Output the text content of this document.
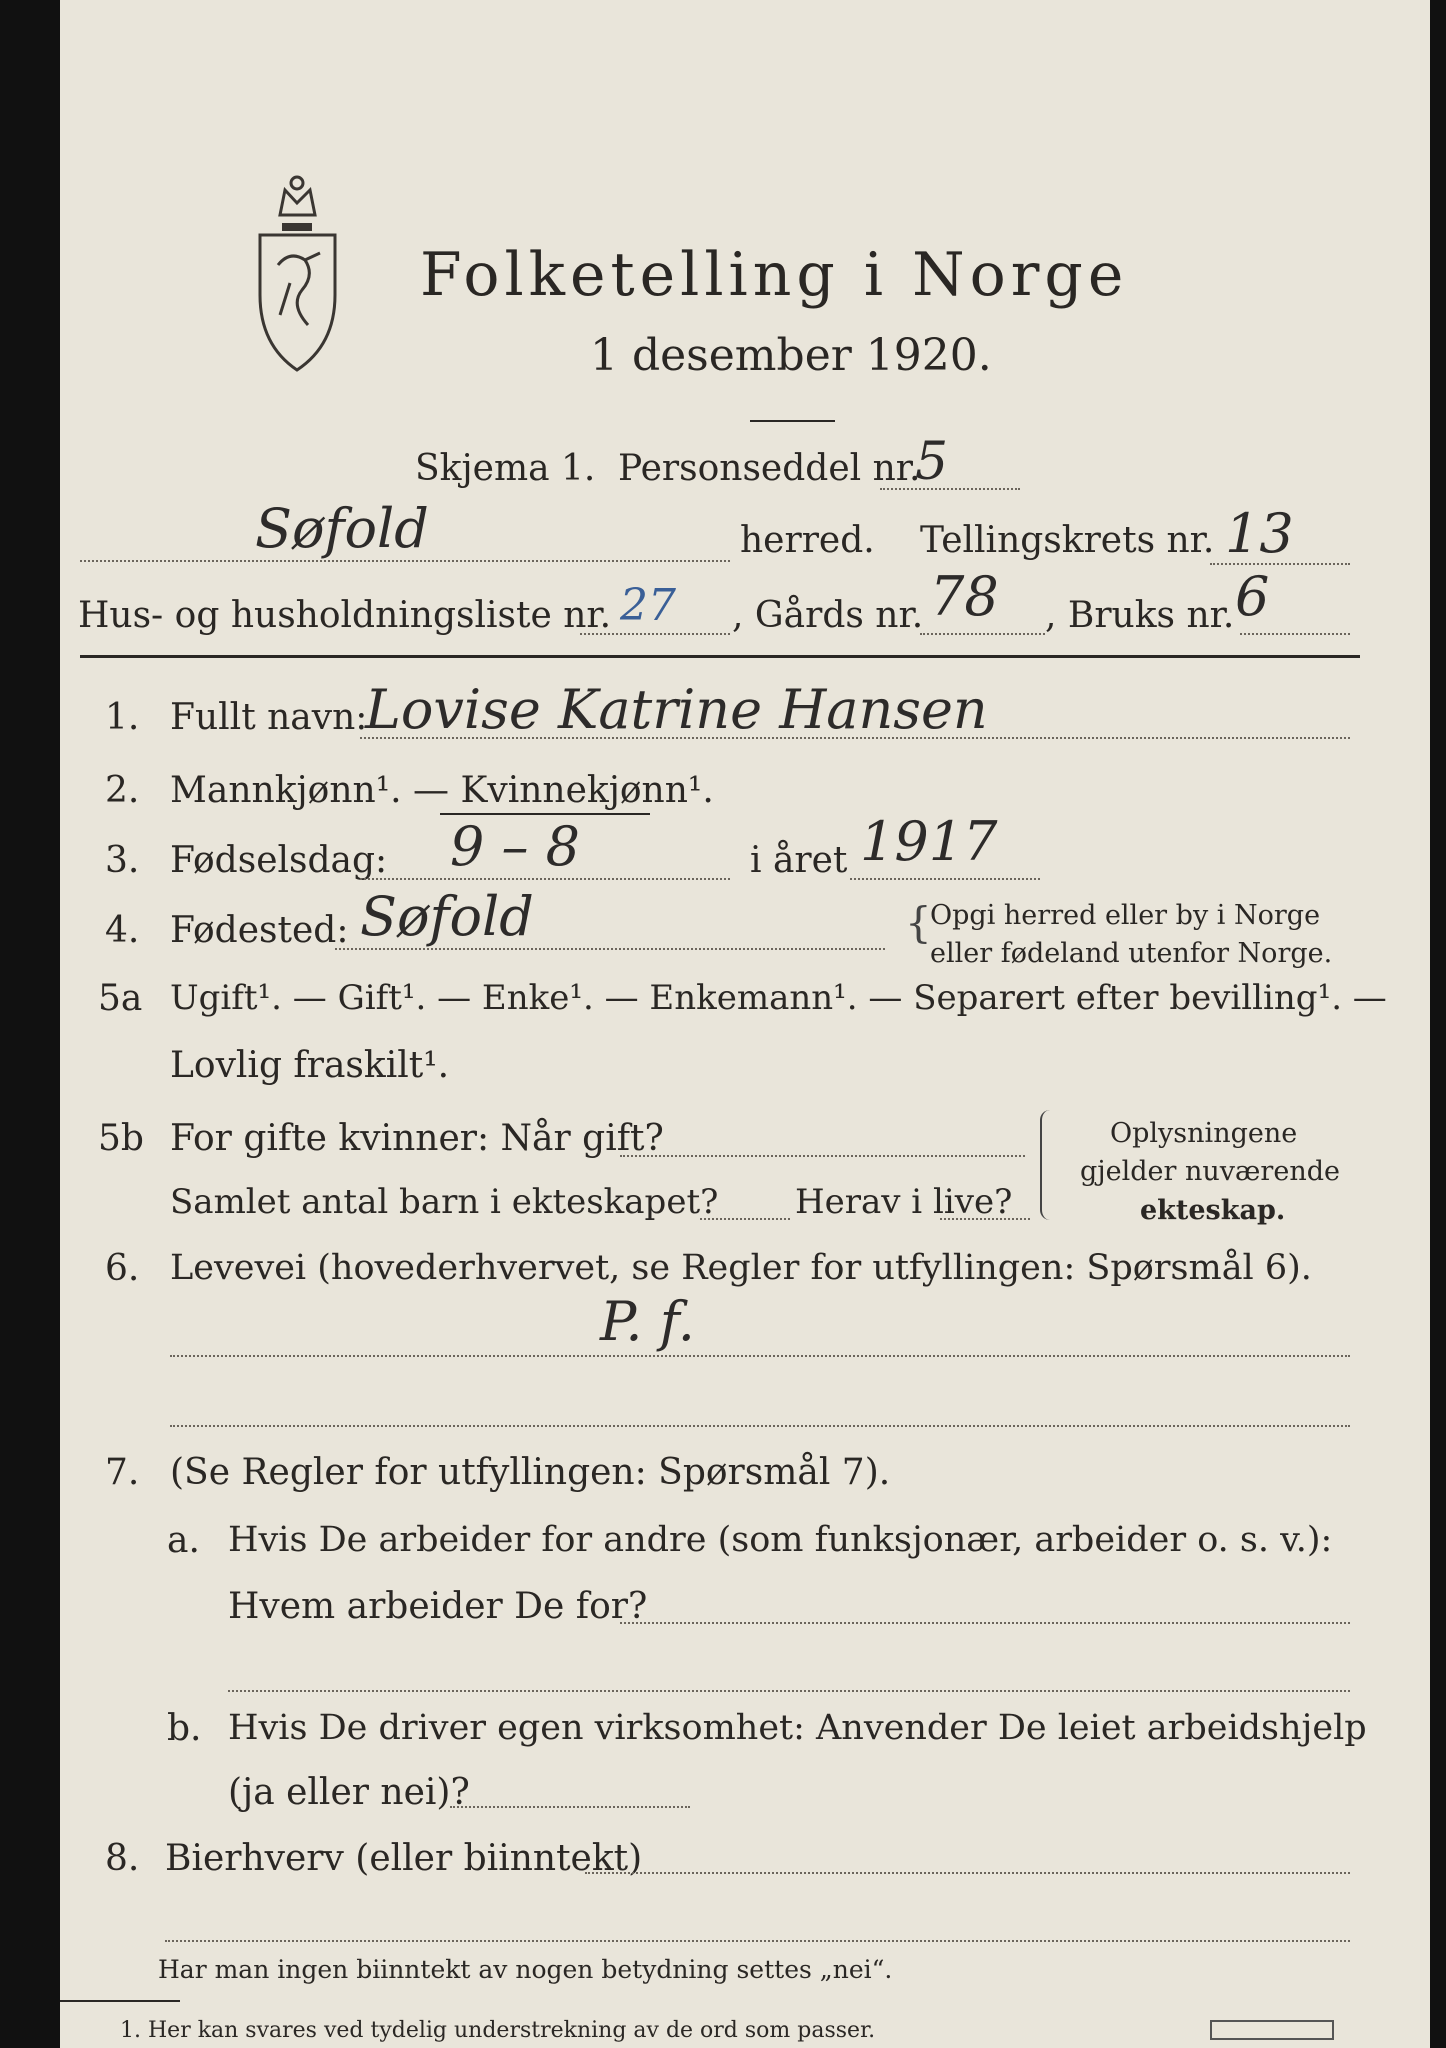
Folketelling i Norge
1 desember 1920.
Skjema 1. Personseddel nr.
5
Søfold	herred. Tellingskrets nr. 13
Hus- og husholdningsliste nr. 27 , Gårds nr. 78 , Bruks nr. 6
1. Fullt navn:
Lovise Katrine Hansen
2. Mannkjønn¹. — Kvinnekjønn¹.
3. Fødselsdag: 9 – 8	i året 1917
4. Fødested: Søfold	{
Opgi herred eller by i Norge
eller fødeland utenfor Norge.
5a Ugift¹. — Gift¹. — Enke¹. — Enkemann¹. — Separert efter bevilling¹. —
Lovlig fraskilt¹.
5b For gifte kvinner: Når gift?
Samlet antal barn i ekteskapet? Herav i live?
Oplysningene
gjelder nuværende
ekteskap.
6. Levevei (hovederhvervet, se Regler for utfyllingen: Spørsmål 6).
P. f.
7. (Se Regler for utfyllingen: Spørsmål 7).
a. Hvis De arbeider for andre (som funksjonær, arbeider o. s. v.):
Hvem arbeider De for?
b. Hvis De driver egen virksomhet: Anvender De leiet arbeidshjelp
(ja eller nei)?
8. Bierhverv (eller biinntekt)
Har man ingen biinntekt av nogen betydning settes „nei“.
1. Her kan svares ved tydelig understrekning av de ord som passer.
